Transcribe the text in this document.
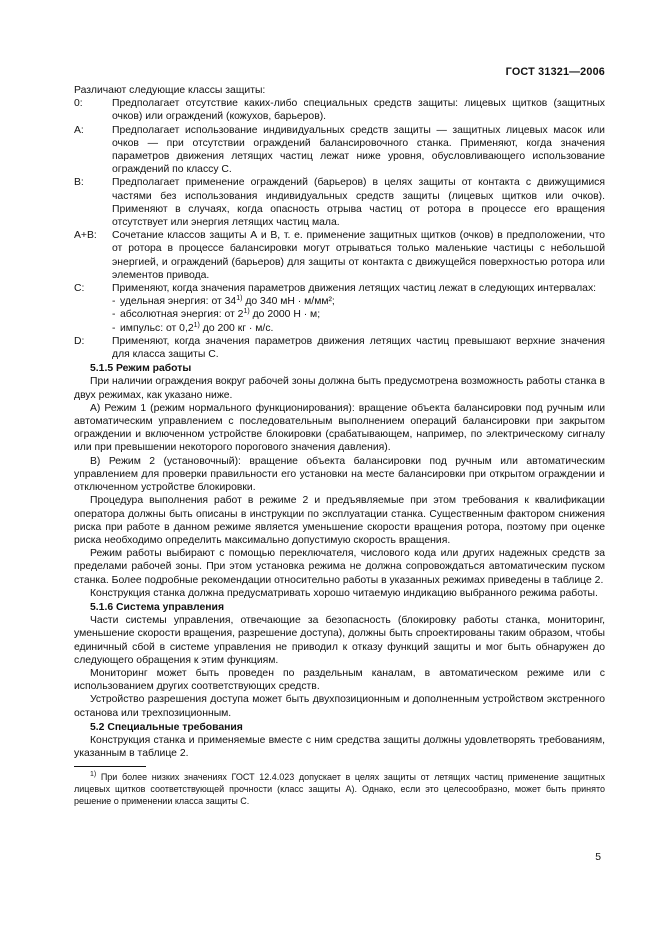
ГОСТ 31321—2006

Различают следующие классы защиты:

0:	Предполагает отсутствие каких-либо специальных средств защиты: лицевых щитков (защитных очков) или ограждений (кожухов, барьеров).
A:	Предполагает использование индивидуальных средств защиты — защитных лицевых масок или очков — при отсутствии ограждений балансировочного станка. Применяют, когда значения параметров движения летящих частиц лежат ниже уровня, обусловливающего использование ограждений по классу С.
В:	Предполагает применение ограждений (барьеров) в целях защиты от контакта с движущимися частями без использования индивидуальных средств защиты (лицевых щитков или очков). Применяют в случаях, когда опасность отрыва частиц от ротора в процессе его вращения отсутствует или энергия летящих частиц мала.
А+В:	Сочетание классов защиты А и В, т. е. применение защитных щитков (очков) в предположении, что от ротора в процессе балансировки могут отрываться только маленькие частицы с небольшой энергией, и ограждений (барьеров) для защиты от контакта с движущейся поверхностью ротора или элементов привода.
С:	Применяют, когда значения параметров движения летящих частиц лежат в следующих интервалах:

- удельная энергия: от 34$^{1)}$ до 340 мН · м/мм²;
- абсолютная энергия: от 2$^{1)}$ до 2000 Н · м;
- импульс: от 0,2$^{1)}$ до 200 кг · м/с.
D:	Применяют, когда значения параметров движения летящих частиц превышают верхние значения для класса защиты С.

5.1.5 Режим работы

При наличии ограждения вокруг рабочей зоны должна быть предусмотрена возможность работы станка в двух режимах, как указано ниже.

А) Режим 1 (режим нормального функционирования): вращение объекта балансировки под ручным или автоматическим управлением с последовательным выполнением операций балансировки при закрытом ограждении и включенном устройстве блокировки (срабатывающем, например, по электрическому сигналу или при превышении некоторого порогового значения давления).

В) Режим 2 (установочный): вращение объекта балансировки под ручным или автоматическим управлением для проверки правильности его установки на месте балансировки при открытом ограждении и отключенном устройстве блокировки.

Процедура выполнения работ в режиме 2 и предъявляемые при этом требования к квалификации оператора должны быть описаны в инструкции по эксплуатации станка. Существенным фактором снижения риска при работе в данном режиме является уменьшение скорости вращения ротора, поэтому при оценке риска необходимо определить максимально допустимую скорость вращения.

Режим работы выбирают с помощью переключателя, числового кода или других надежных средств за пределами рабочей зоны. При этом установка режима не должна сопровождаться автоматическим пуском станка. Более подробные рекомендации относительно работы в указанных режимах приведены в таблице 2.

Конструкция станка должна предусматривать хорошо читаемую индикацию выбранного режима работы.

5.1.6 Система управления

Части системы управления, отвечающие за безопасность (блокировку работы станка, мониторинг, уменьшение скорости вращения, разрешение доступа), должны быть спроектированы таким образом, чтобы единичный сбой в системе управления не приводил к отказу функций защиты и мог быть обнаружен до следующего обращения к этим функциям.

Мониторинг может быть проведен по раздельным каналам, в автоматическом режиме или с использованием других соответствующих средств.

Устройство разрешения доступа может быть двухпозиционным и дополненным устройством экстренного останова или трехпозиционным.

5.2 Специальные требования

Конструкция станка и применяемые вместе с ним средства защиты должны удовлетворять требованиям, указанным в таблице 2.

$^{1)}$ При более низких значениях ГОСТ 12.4.023 допускает в целях защиты от летящих частиц применение защитных лицевых щитков соответствующей прочности (класс защиты А). Однако, если это целесообразно, может быть принято решение о применении класса защиты С.

5
